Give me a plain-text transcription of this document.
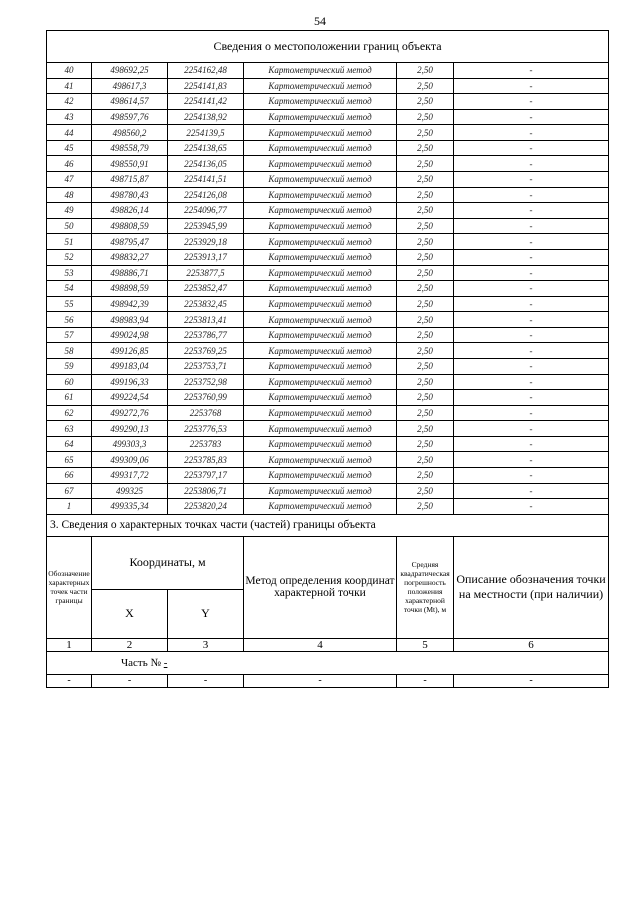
54
Сведения о местоположении границ объекта					
40	498692,25	2254162,48	Картометрический метод	2,50	-
41	498617,3	2254141,83	Картометрический метод	2,50	-
42	498614,57	2254141,42	Картометрический метод	2,50	-
43	498597,76	2254138,92	Картометрический метод	2,50	-
44	498560,2	2254139,5	Картометрический метод	2,50	-
45	498558,79	2254138,65	Картометрический метод	2,50	-
46	498550,91	2254136,05	Картометрический метод	2,50	-
47	498715,87	2254141,51	Картометрический метод	2,50	-
48	498780,43	2254126,08	Картометрический метод	2,50	-
49	498826,14	2254096,77	Картометрический метод	2,50	-
50	498808,59	2253945,99	Картометрический метод	2,50	-
51	498795,47	2253929,18	Картометрический метод	2,50	-
52	498832,27	2253913,17	Картометрический метод	2,50	-
53	498886,71	2253877,5	Картометрический метод	2,50	-
54	498898,59	2253852,47	Картометрический метод	2,50	-
55	498942,39	2253832,45	Картометрический метод	2,50	-
56	498983,94	2253813,41	Картометрический метод	2,50	-
57	499024,98	2253786,77	Картометрический метод	2,50	-
58	499126,85	2253769,25	Картометрический метод	2,50	-
59	499183,04	2253753,71	Картометрический метод	2,50	-
60	499196,33	2253752,98	Картометрический метод	2,50	-
61	499224,54	2253760,99	Картометрический метод	2,50	-
62	499272,76	2253768	Картометрический метод	2,50	-
63	499290,13	2253776,53	Картометрический метод	2,50	-
64	499303,3	2253783	Картометрический метод	2,50	-
65	499309,06	2253785,83	Картометрический метод	2,50	-
66	499317,72	2253797,17	Картометрический метод	2,50	-
67	499325	2253806,71	Картометрический метод	2,50	-
1	499335,34	2253820,24	Картометрический метод	2,50	-
3. Сведения о характерных точках части (частей) границы объекта					
Обозначение характерных точек части границы	Координаты, м		Метод определения координат характерной точки	Средняя квадратическая погрешность положения характерной точки (Мt), м	Описание обозначения точки на местности (при наличии)
	X	Y			
1	2	3	4	5	6
Часть № -					
-	-	-	-	-	-
